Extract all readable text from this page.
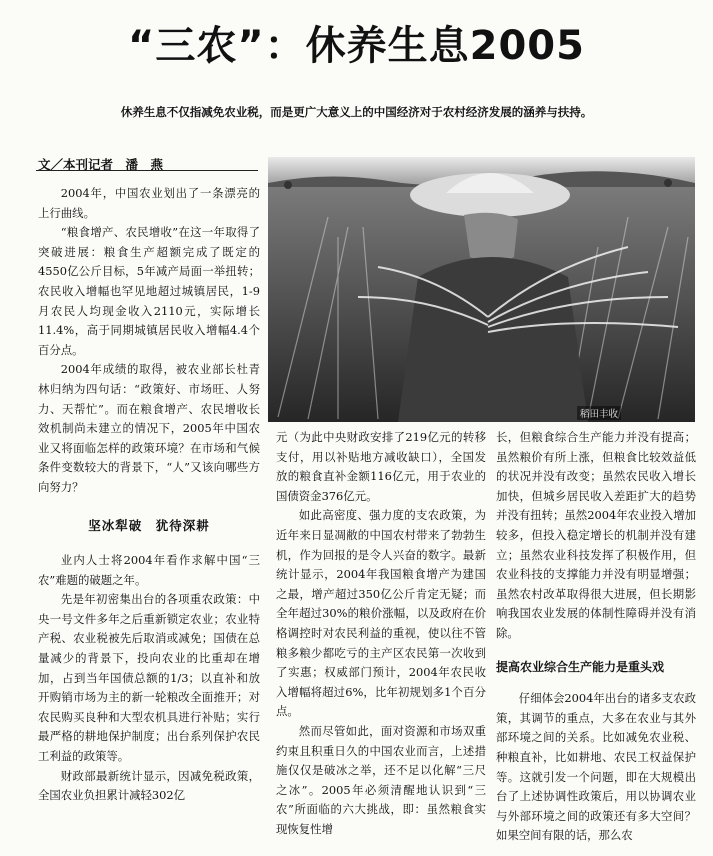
“三农”：休养生息2005
休养生息不仅指减免农业税，而是更广大意义上的中国经济对于农村经济发展的涵养与扶持。
文／本刊记者　潘　燕
稻田丰收

2004年，中国农业划出了一条漂亮的上行曲线。

“粮食增产、农民增收”在这一年取得了突破进展：粮食生产超额完成了既定的4550亿公斤目标，5年减产局面一举扭转；农民收入增幅也罕见地超过城镇居民，1-9月农民人均现金收入2110元，实际增长11.4%，高于同期城镇居民收入增幅4.4个百分点。

2004年成绩的取得，被农业部长杜青林归纳为四句话：“政策好、市场旺、人努力、天帮忙”。而在粮食增产、农民增收长效机制尚未建立的情况下，2005年中国农业又将面临怎样的政策环境？在市场和气候条件变数较大的背景下，“人”又该向哪些方向努力？

坚冰犁破　犹待深耕

业内人士将2004年看作求解中国“三农”难题的破题之年。

先是年初密集出台的各项重农政策：中央一号文件多年之后重新锁定农业；农业特产税、农业税被先后取消或减免；国债在总量减少的背景下，投向农业的比重却在增加，占到当年国债总额的1/3；以直补和放开购销市场为主的新一轮粮改全面推开；对农民购买良种和大型农机具进行补贴；实行最严格的耕地保护制度；出台系列保护农民工利益的政策等。

财政部最新统计显示，因减免税政策，全国农业负担累计减轻302亿

元（为此中央财政安排了219亿元的转移支付，用以补贴地方减收缺口），全国发放的粮食直补金额116亿元，用于农业的国债资金376亿元。

如此高密度、强力度的支农政策，为近年来日显凋敝的中国农村带来了勃勃生机，作为回报的是令人兴奋的数字。最新统计显示，2004年我国粮食增产为建国之最，增产超过350亿公斤肯定无疑；而全年超过30%的粮价涨幅，以及政府在价格调控时对农民利益的重视，使以往不管粮多粮少都吃亏的主产区农民第一次收到了实惠；权威部门预计，2004年农民收入增幅将超过6%，比年初规划多1个百分点。

然而尽管如此，面对资源和市场双重约束且积重日久的中国农业而言，上述措施仅仅是破冰之举，还不足以化解“三尺之冰”。2005年必须清醒地认识到“三农”所面临的六大挑战，即：虽然粮食实现恢复性增

长，但粮食综合生产能力并没有提高；虽然粮价有所上涨，但粮食比较效益低的状况并没有改变；虽然农民收入增长加快，但城乡居民收入差距扩大的趋势并没有扭转；虽然2004年农业投入增加较多，但投入稳定增长的机制并没有建立；虽然农业科技发挥了积极作用，但农业科技的支撑能力并没有明显增强；虽然农村改革取得很大进展，但长期影响我国农业发展的体制性障碍并没有消除。

提高农业综合生产能力是重头戏

仔细体会2004年出台的诸多支农政策，其调节的重点，大多在农业与其外部环境之间的关系。比如减免农业税、种粮直补，比如耕地、农民工权益保护等。这就引发一个问题，即在大规模出台了上述协调性政策后，用以协调农业与外部环境之间的政策还有多大空间？如果空间有限的话，那么农
